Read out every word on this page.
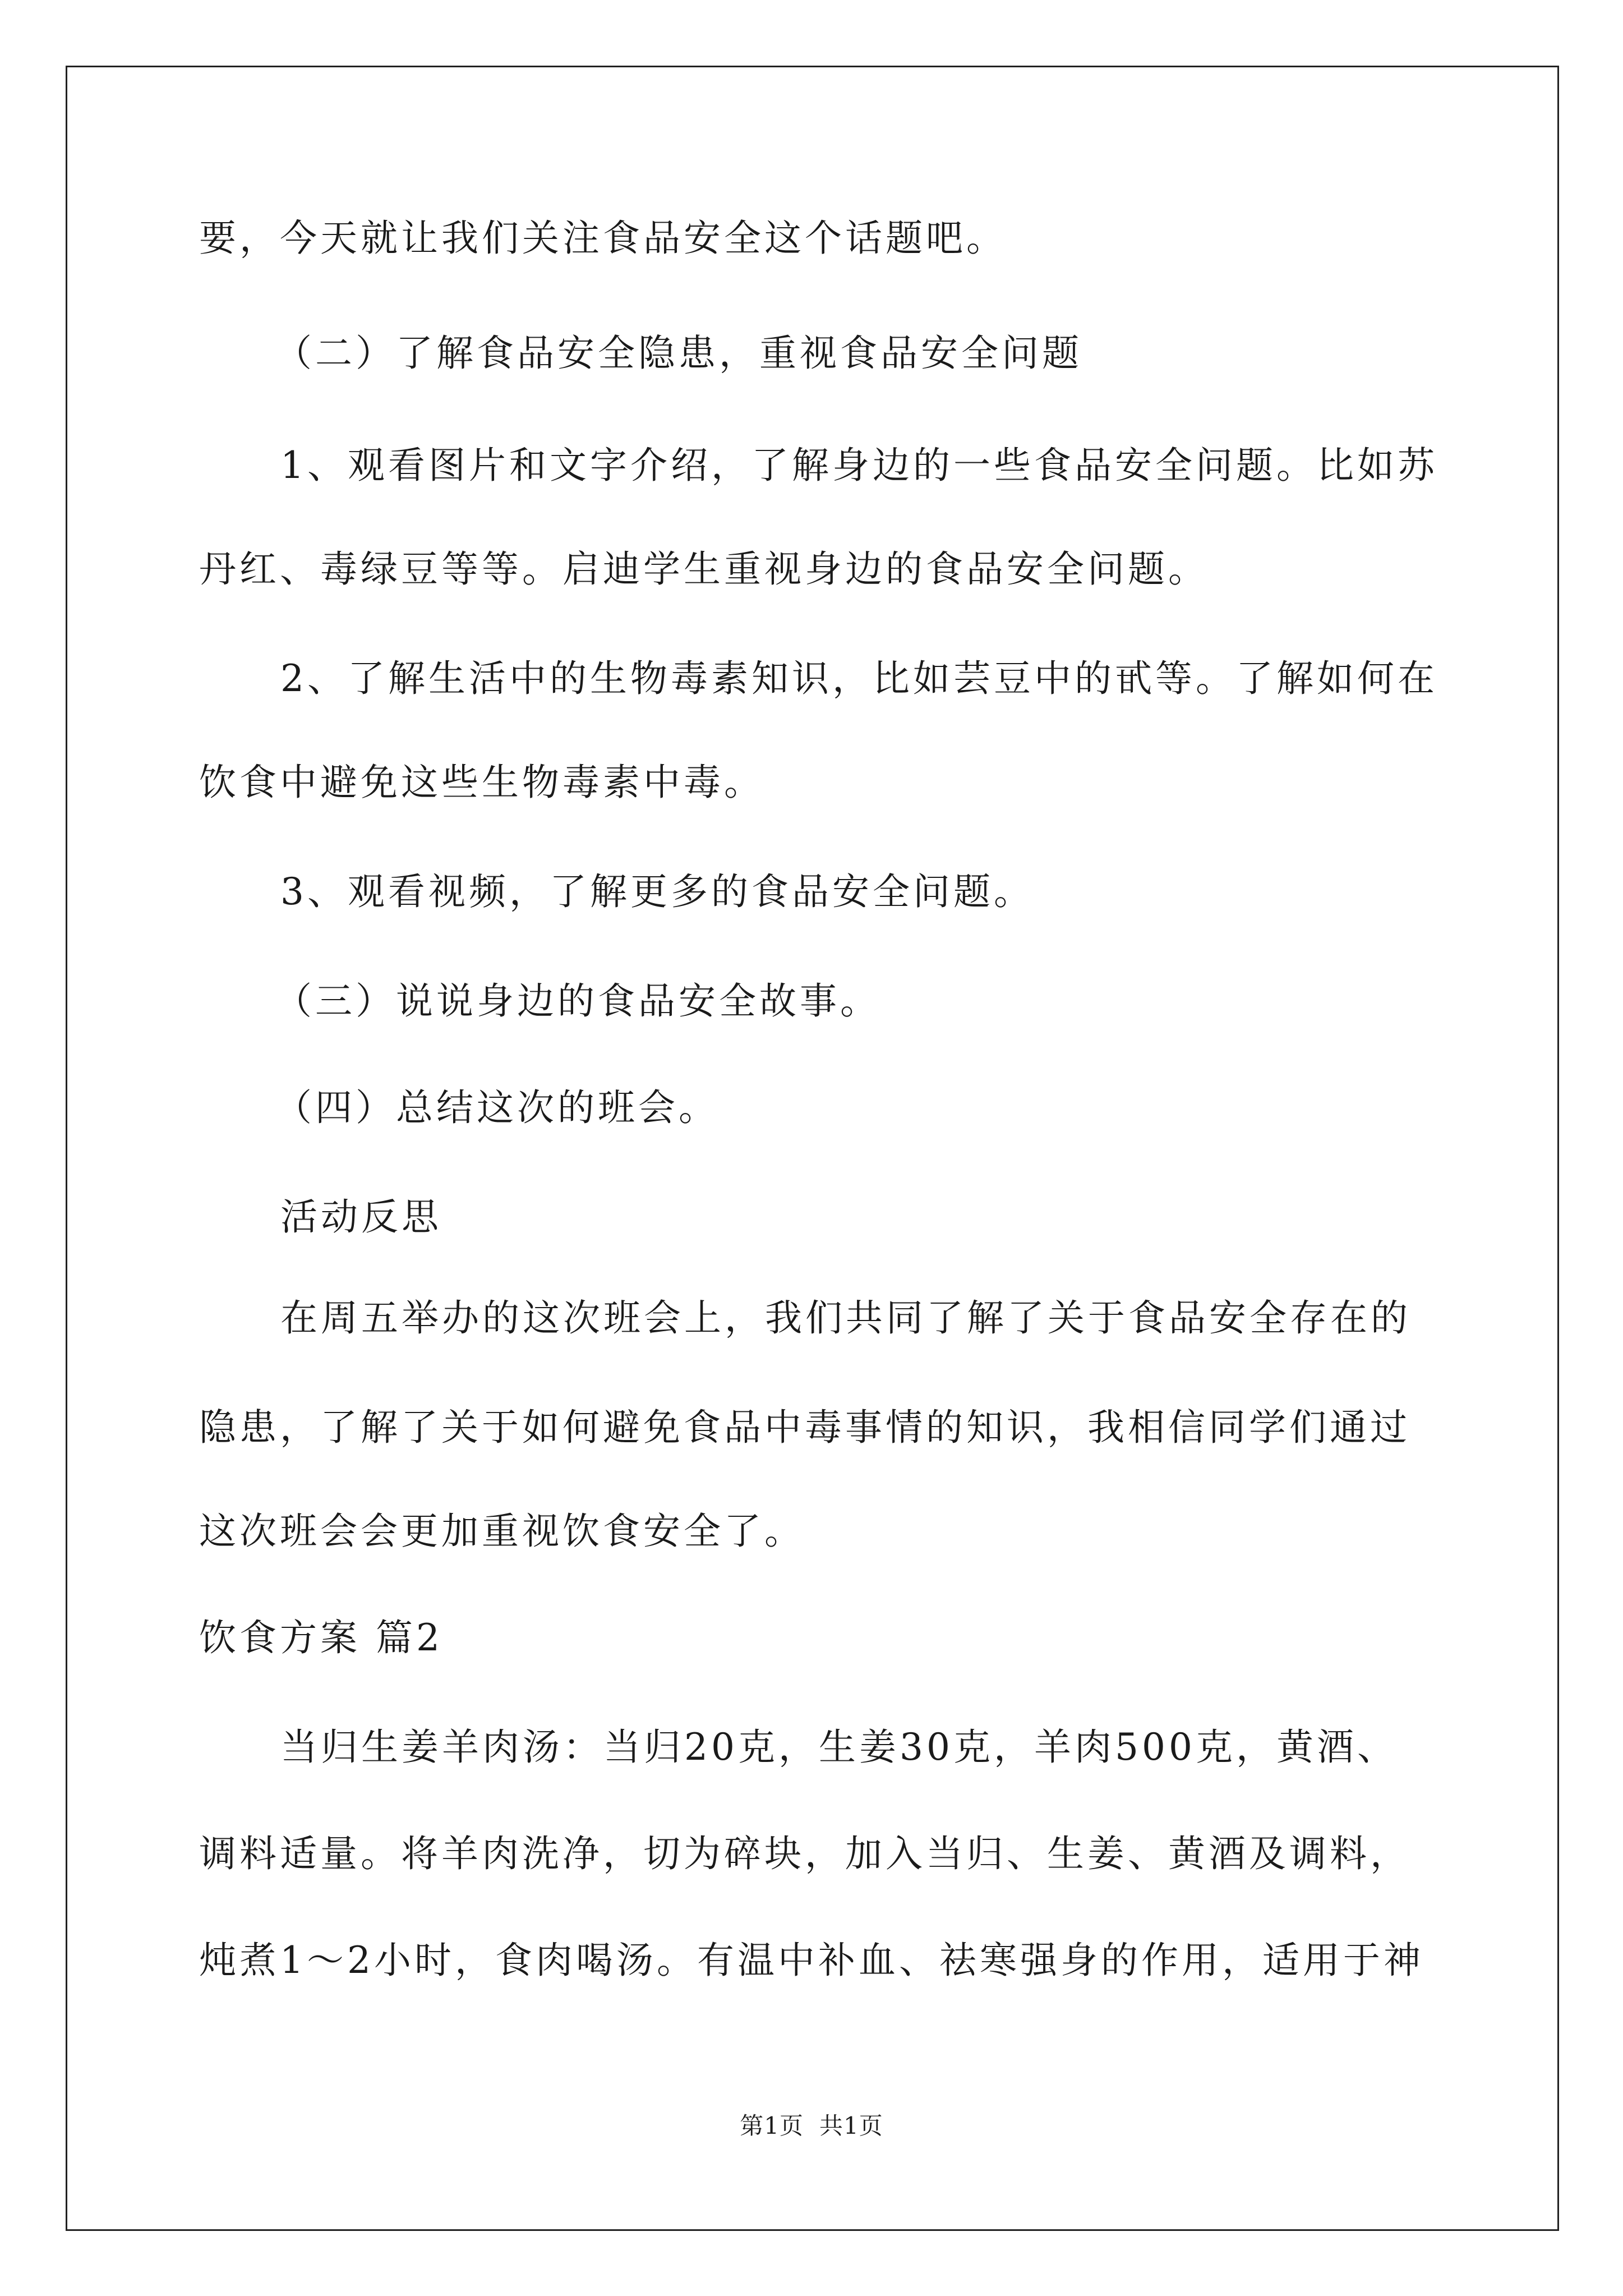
要，今天就让我们关注食品安全这个话题吧。
（二）了解食品安全隐患，重视食品安全问题
1、观看图片和文字介绍，了解身边的一些食品安全问题。比如苏
丹红、毒绿豆等等。启迪学生重视身边的食品安全问题。
2、了解生活中的生物毒素知识，比如芸豆中的甙等。了解如何在
饮食中避免这些生物毒素中毒。
3、观看视频，了解更多的食品安全问题。
（三）说说身边的食品安全故事。
（四）总结这次的班会。
活动反思
在周五举办的这次班会上，我们共同了解了关于食品安全存在的
隐患，了解了关于如何避免食品中毒事情的知识，我相信同学们通过
这次班会会更加重视饮食安全了。
饮食方案 篇2
当归生姜羊肉汤：当归20克，生姜30克，羊肉500克，黄酒、
调料适量。将羊肉洗净，切为碎块，加入当归、生姜、黄酒及调料，
炖煮1～2小时，食肉喝汤。有温中补血、祛寒强身的作用，适用于神
第1页 共1页
